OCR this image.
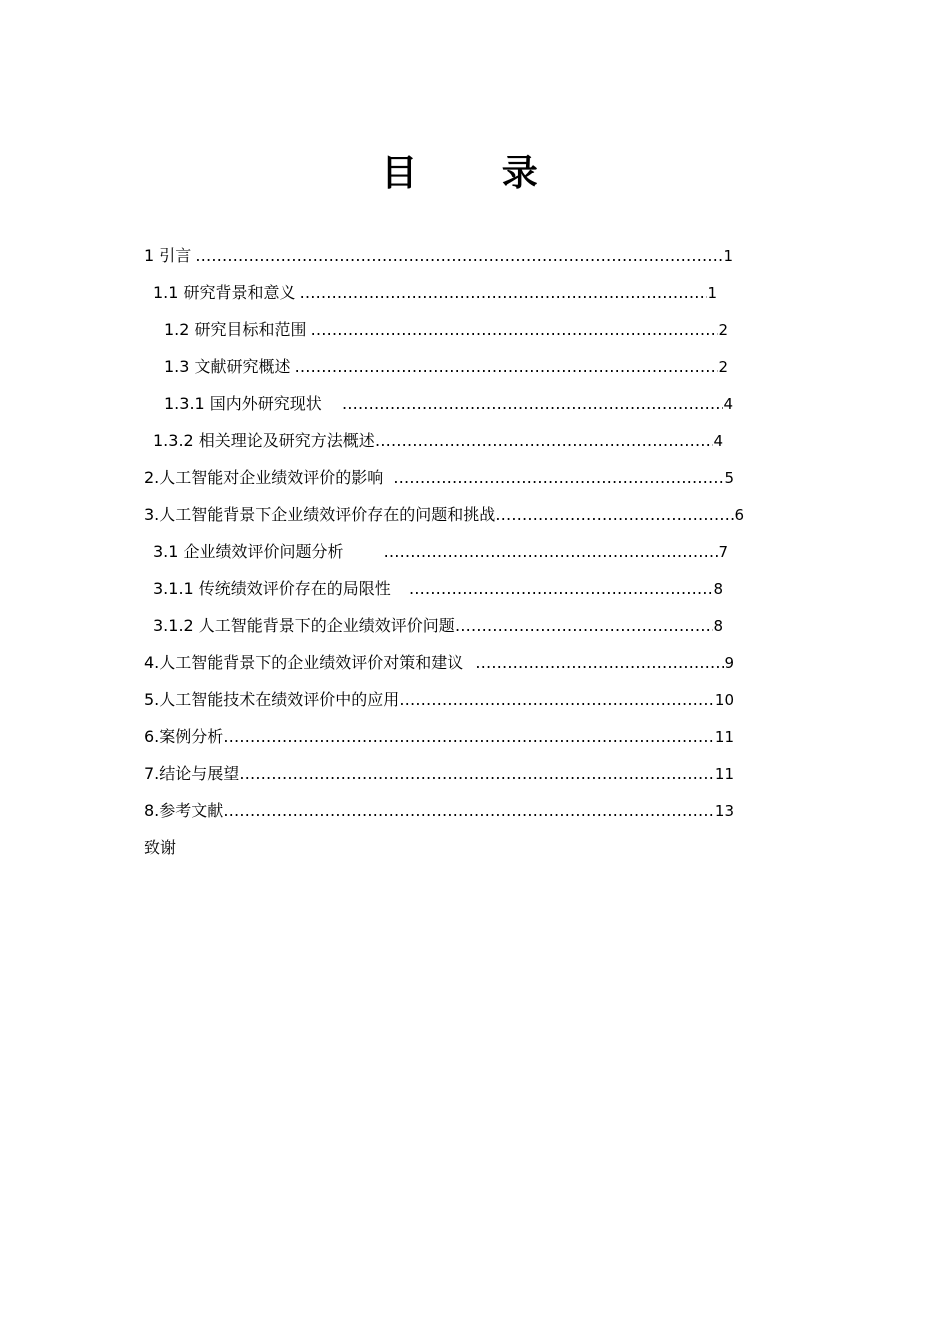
目 录
1 引言 ……………………………………………………………………………………………………………………………………………………………………………………………………………………………………	1
1.1 研究背景和意义 ……………………………………………………………………………………………………………………………………………………………………………………………………………………………………	1
1.2 研究目标和范围 ……………………………………………………………………………………………………………………………………………………………………………………………………………………………………	2
1.3 文献研究概述 ……………………………………………………………………………………………………………………………………………………………………………………………………………………………………	2
1.3.1 国内外研究现状 ……………………………………………………………………………………………………………………………………………………………………………………………………………………………………	4
1.3.2 相关理论及研究方法概述 ……………………………………………………………………………………………………………………………………………………………………………………………………………………………………	4
2.人工智能对企业绩效评价的影响 ……………………………………………………………………………………………………………………………………………………………………………………………………………………………………	5
3.人工智能背景下企业绩效评价存在的问题和挑战 ……………………………………………………………………………………………………………………………………………………………………………………………………………………………………	6
3.1 企业绩效评价问题分析 ……………………………………………………………………………………………………………………………………………………………………………………………………………………………………	7
3.1.1 传统绩效评价存在的局限性 ……………………………………………………………………………………………………………………………………………………………………………………………………………………………………	8
3.1.2 人工智能背景下的企业绩效评价问题 ……………………………………………………………………………………………………………………………………………………………………………………………………………………………………	8
4.人工智能背景下的企业绩效评价对策和建议 ……………………………………………………………………………………………………………………………………………………………………………………………………………………………………	9
5.人工智能技术在绩效评价中的应用 ……………………………………………………………………………………………………………………………………………………………………………………………………………………………………	10
6.案例分析 ……………………………………………………………………………………………………………………………………………………………………………………………………………………………………	11
7.结论与展望 ……………………………………………………………………………………………………………………………………………………………………………………………………………………………………	11
8.参考文献 ……………………………………………………………………………………………………………………………………………………………………………………………………………………………………	13
致谢
